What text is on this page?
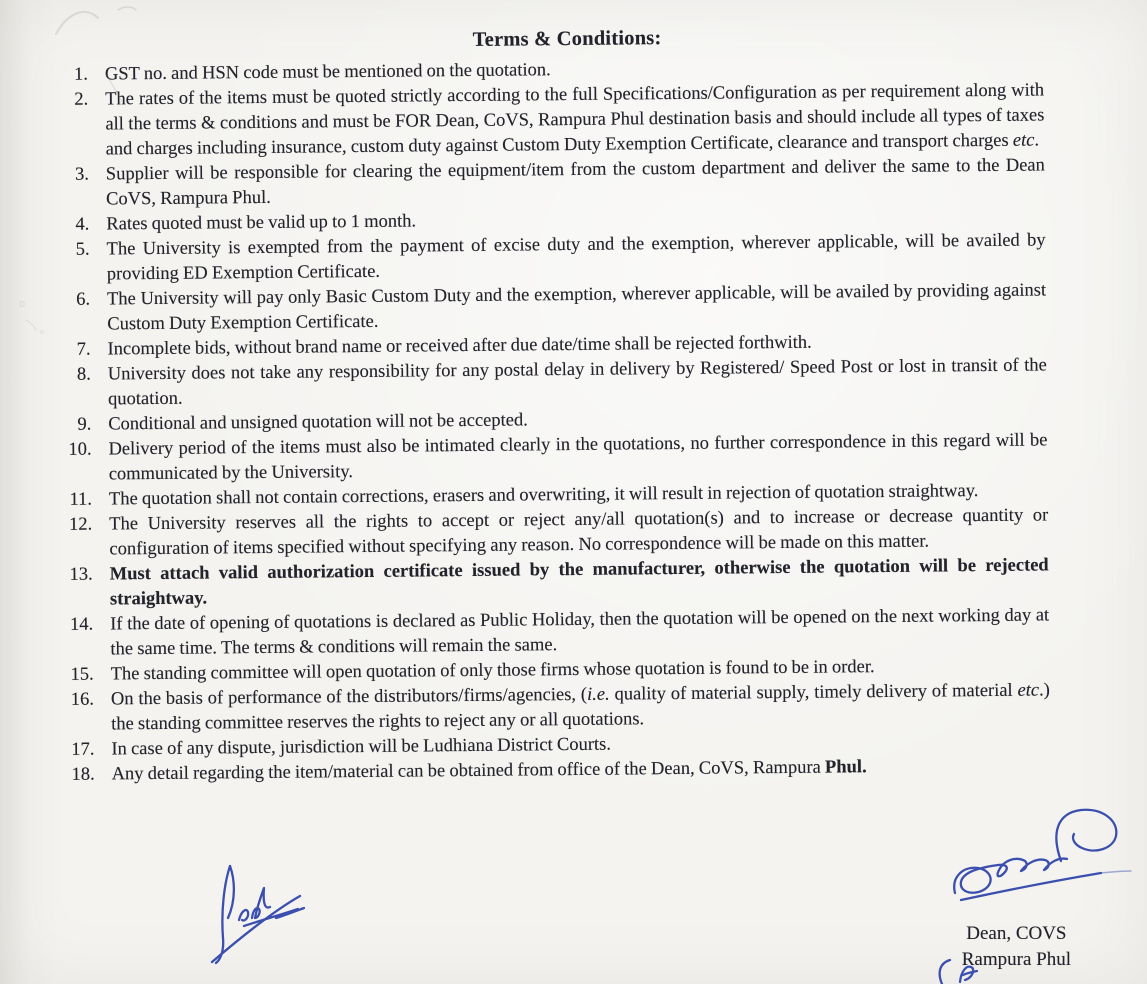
Terms & Conditions:
1. GST no. and HSN code must be mentioned on the quotation.
2. The rates of the items must be quoted strictly according to the full Specifications/Configuration as per requirement along with all the terms & conditions and must be FOR Dean, CoVS, Rampura Phul destination basis and should include all types of taxes and charges including insurance, custom duty against Custom Duty Exemption Certificate, clearance and transport charges etc.
3. Supplier will be responsible for clearing the equipment/item from the custom department and deliver the same to the Dean CoVS, Rampura Phul.
4. Rates quoted must be valid up to 1 month.
5. The University is exempted from the payment of excise duty and the exemption, wherever applicable, will be availed by providing ED Exemption Certificate.
6. The University will pay only Basic Custom Duty and the exemption, wherever applicable, will be availed by providing against Custom Duty Exemption Certificate.
7. Incomplete bids, without brand name or received after due date/time shall be rejected forthwith.
8. University does not take any responsibility for any postal delay in delivery by Registered/ Speed Post or lost in transit of the quotation.
9. Conditional and unsigned quotation will not be accepted.
10. Delivery period of the items must also be intimated clearly in the quotations, no further correspondence in this regard will be communicated by the University.
11. The quotation shall not contain corrections, erasers and overwriting, it will result in rejection of quotation straightway.
12. The University reserves all the rights to accept or reject any/all quotation(s) and to increase or decrease quantity or configuration of items specified without specifying any reason. No correspondence will be made on this matter.
13. Must attach valid authorization certificate issued by the manufacturer, otherwise the quotation will be rejected straightway.
14. If the date of opening of quotations is declared as Public Holiday, then the quotation will be opened on the next working day at the same time. The terms & conditions will remain the same.
15. The standing committee will open quotation of only those firms whose quotation is found to be in order.
16. On the basis of performance of the distributors/firms/agencies, (i.e. quality of material supply, timely delivery of material etc.) the standing committee reserves the rights to reject any or all quotations.
17. In case of any dispute, jurisdiction will be Ludhiana District Courts.
18. Any detail regarding the item/material can be obtained from office of the Dean, CoVS, Rampura Phul.
Dean, COVS
Rampura Phul
